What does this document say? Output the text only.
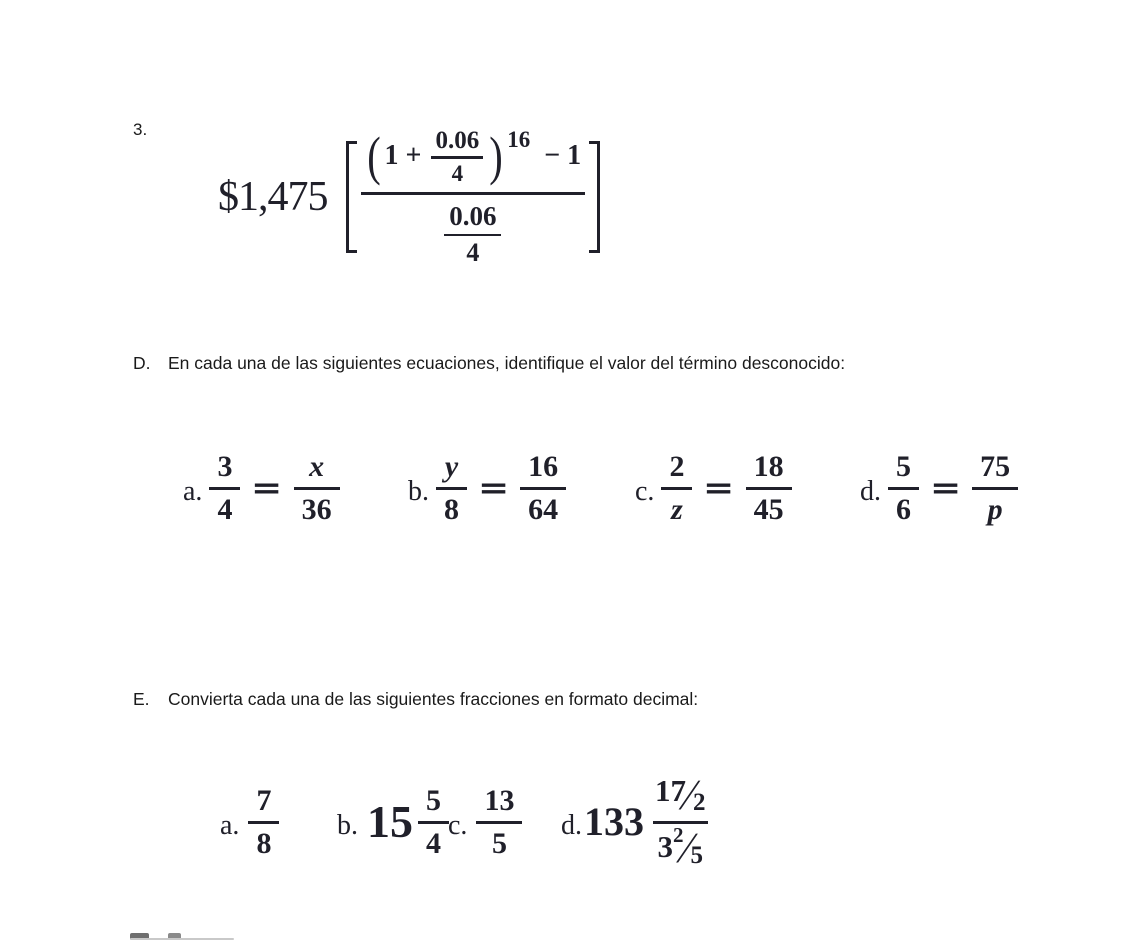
3.
$1,475
( $1 + \frac{0.06}{4}$ ) 16
− 1
$\frac{0.06}{4}$
D.	En cada una de las siguientes ecuaciones, identifique el valor del término desconocido:
a. $\frac{3}{4} = \frac{x}{36} b$. $\frac{y}{8} = \frac{16}{64} c$. $\frac{2}{z} = \frac{18}{45} d$. $\frac{5}{6} = \frac{75}{p}$
E.	Convierta cada una de las siguientes fracciones en formato decimal:
a. $\frac{7}{8} b$. $15 \frac{5}{4} c$. $\frac{13}{5} d$. 133
17 ∕ 2
3 2 ∕ 5
